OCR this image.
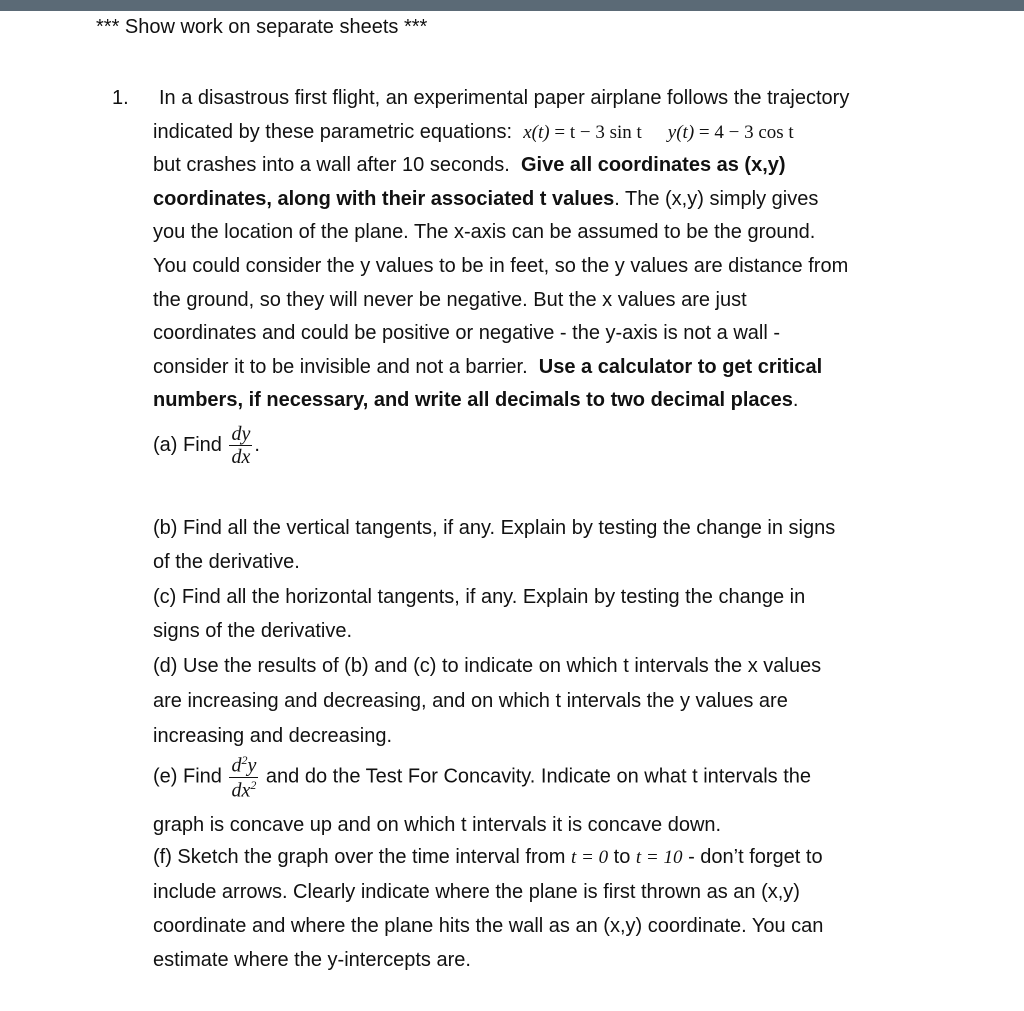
*** Show work on separate sheets ***
1.	In a disastrous first flight, an experimental paper airplane follows the trajectory

indicated by these parametric equations: x(t) = t − 3 sin t y(t) = 4 − 3 cos t

but crashes into a wall after 10 seconds. Give all coordinates as (x,y)

coordinates, along with their associated t values. The (x,y) simply gives

you the location of the plane. The x-axis can be assumed to be the ground.

You could consider the y values to be in feet, so the y values are distance from

the ground, so they will never be negative. But the x values are just

coordinates and could be positive or negative - the y-axis is not a wall -

consider it to be invisible and not a barrier. Use a calculator to get critical

numbers, if necessary, and write all decimals to two decimal places.

(a) Find $\frac{dy}{dx}$ .

(b) Find all the vertical tangents, if any. Explain by testing the change in signs
of the derivative.

(c) Find all the horizontal tangents, if any. Explain by testing the change in
signs of the derivative.

(d) Use the results of (b) and (c) to indicate on which t intervals the x values
are increasing and decreasing, and on which t intervals the y values are
increasing and decreasing.

(e) Find $\frac{d^2y}{dx^2}$ and do the Test For Concavity. Indicate on what t intervals the

graph is concave up and on which t intervals it is concave down.

(f) Sketch the graph over the time interval from t = 0 to t = 10 - don’t forget to
include arrows. Clearly indicate where the plane is first thrown as an (x,y)
coordinate and where the plane hits the wall as an (x,y) coordinate. You can
estimate where the y-intercepts are.
